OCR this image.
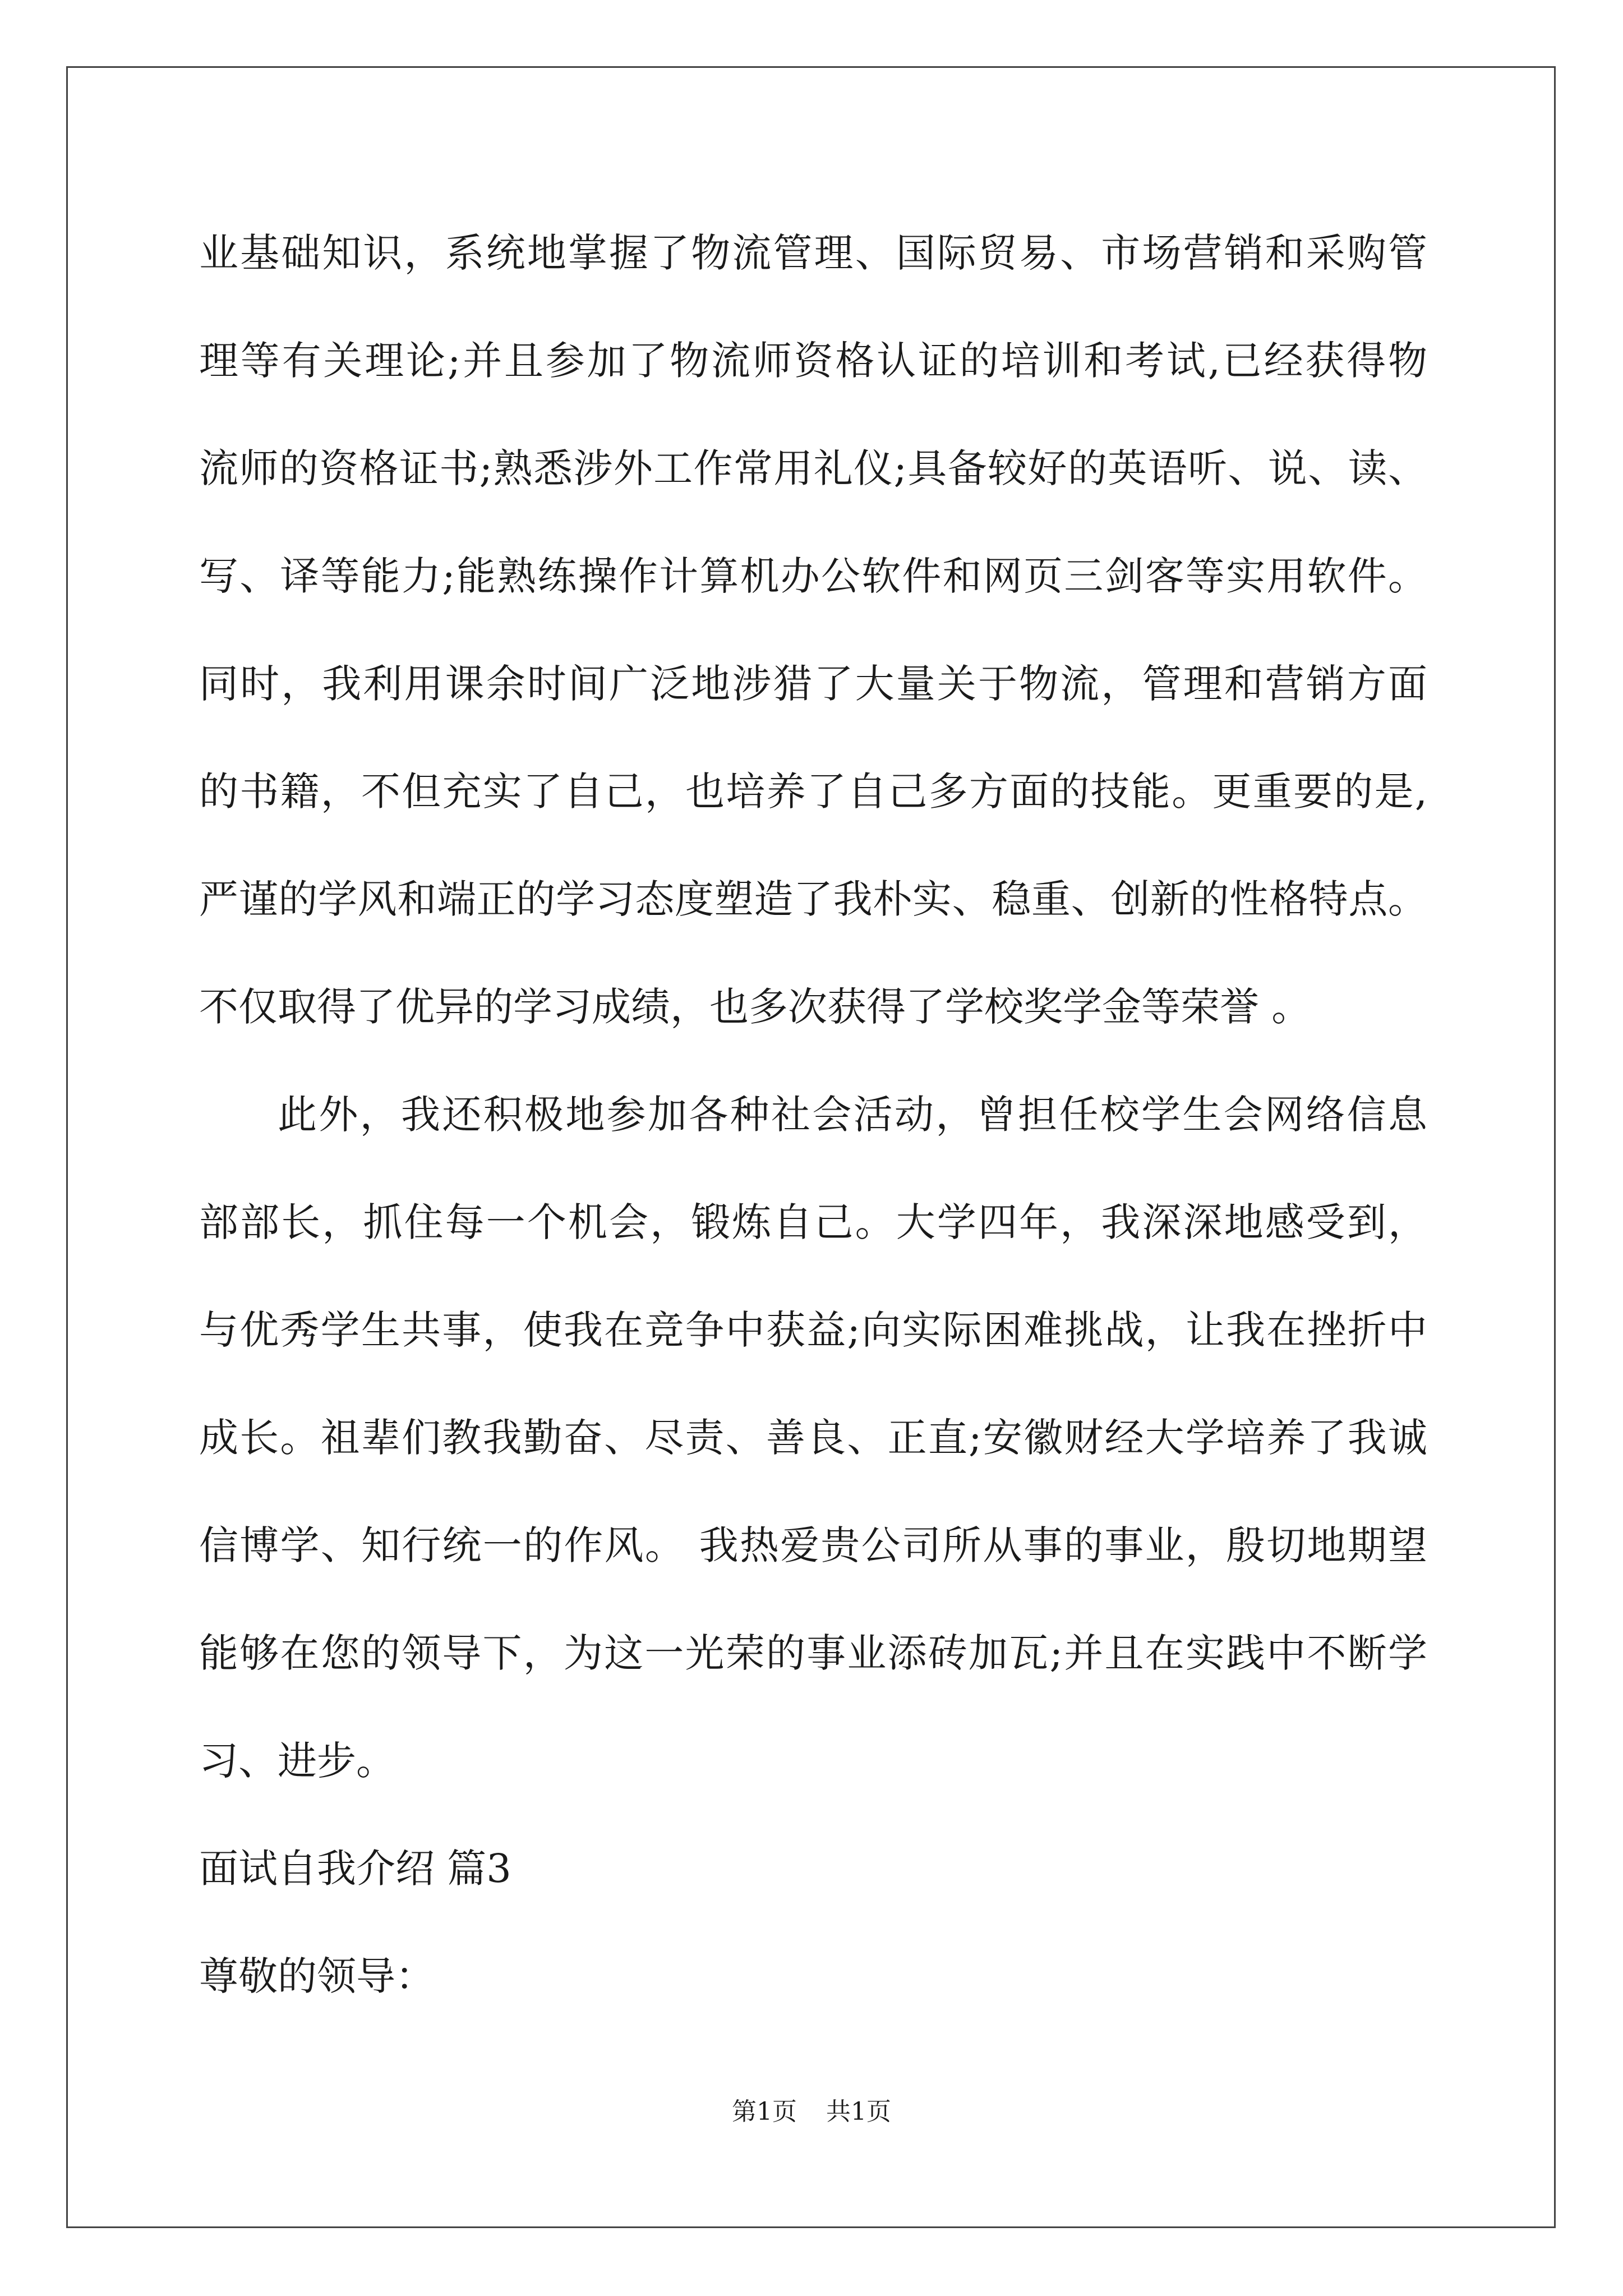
业基础知识，系统地掌握了物流管理、国际贸易、市场营销和采购管
理等有关理论;并且参加了物流师资格认证的培训和考试,已经获得物
流师的资格证书;熟悉涉外工作常用礼仪;具备较好的英语听、说、读、
写、译等能力;能熟练操作计算机办公软件和网页三剑客等实用软件。
同时，我利用课余时间广泛地涉猎了大量关于物流，管理和营销方面
的书籍，不但充实了自己，也培养了自己多方面的技能。更重要的是,
严谨的学风和端正的学习态度塑造了我朴实、稳重、创新的性格特点。
不仅取得了优异的学习成绩，也多次获得了学校奖学金等荣誉 。
此外，我还积极地参加各种社会活动，曾担任校学生会网络信息
部部长，抓住每一个机会，锻炼自己。大学四年，我深深地感受到，
与优秀学生共事，使我在竞争中获益;向实际困难挑战，让我在挫折中
成长。祖辈们教我勤奋、尽责、善良、正直;安徽财经大学培养了我诚
信博学、知行统一的作风。 我热爱贵公司所从事的事业，殷切地期望
能够在您的领导下，为这一光荣的事业添砖加瓦;并且在实践中不断学
习、进步。
面试自我介绍 篇3
尊敬的领导：
第1页 共1页
